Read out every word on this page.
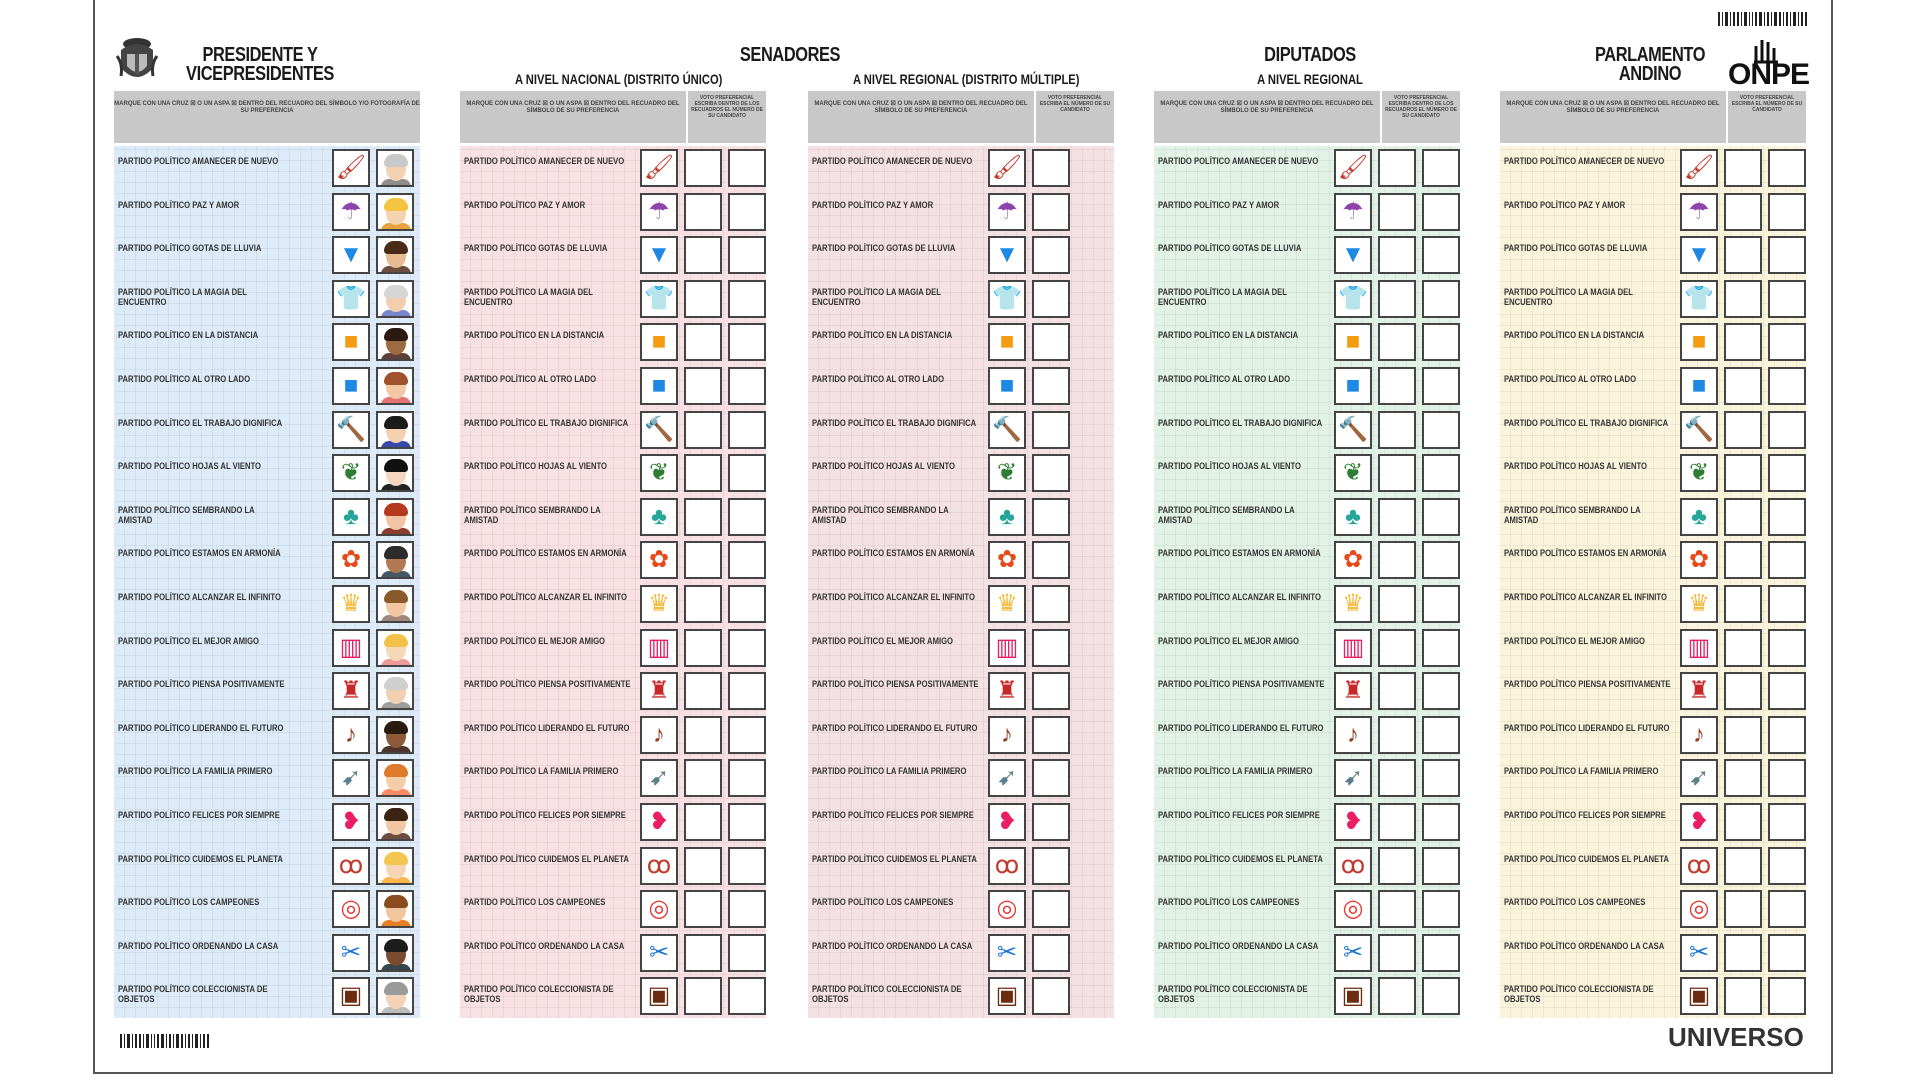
ONPE
PRESIDENTE Y
VICEPRESIDENTES
MARQUE CON UNA CRUZ ☒ O UN ASPA ☒ DENTRO DEL RECUADRO DEL SÍMBOLO Y/O FOTOGRAFÍA DE SU PREFERENCIA
PARTIDO POLÍTICO AMANECER DE NUEVO	🖌
PARTIDO POLÍTICO PAZ Y AMOR	☂
PARTIDO POLÍTICO GOTAS DE LLUVIA	▼
PARTIDO POLÍTICO LA MAGIA DEL ENCUENTRO	👕
PARTIDO POLÍTICO EN LA DISTANCIA	■
PARTIDO POLÍTICO AL OTRO LADO	■
PARTIDO POLÍTICO EL TRABAJO DIGNIFICA 🔨
PARTIDO POLÍTICO HOJAS AL VIENTO	❦
PARTIDO POLÍTICO SEMBRANDO LA AMISTAD	♣
PARTIDO POLÍTICO ESTAMOS EN ARMONÍA	✿
PARTIDO POLÍTICO ALCANZAR EL INFINITO ♛
PARTIDO POLÍTICO EL MEJOR AMIGO	▥
PARTIDO POLÍTICO PIENSA POSITIVAMENTE ♜
PARTIDO POLÍTICO LIDERANDO EL FUTURO	♪
PARTIDO POLÍTICO LA FAMILIA PRIMERO	➹
PARTIDO POLÍTICO FELICES POR SIEMPRE	❥
PARTIDO POLÍTICO CUIDEMOS EL PLANETA ꝏ
PARTIDO POLÍTICO LOS CAMPEONES	◎
PARTIDO POLÍTICO ORDENANDO LA CASA	✂
PARTIDO POLÍTICO COLECCIONISTA DE OBJETOS	▣
SENADORES
A NIVEL NACIONAL (DISTRITO ÚNICO)
MARQUE CON UNA CRUZ ☒ O UN ASPA ☒ DENTRO DEL RECUADRO DEL SÍMBOLO DE SU PREFERENCIA
VOTO PREFERENCIAL ESCRIBA DENTRO DE LOS RECUADROS EL NÚMERO DE SU CANDIDATO
PARTIDO POLÍTICO AMANECER DE NUEVO 🖌
PARTIDO POLÍTICO PAZ Y AMOR	☂
PARTIDO POLÍTICO GOTAS DE LLUVIA	▼
PARTIDO POLÍTICO LA MAGIA DEL ENCUENTRO	👕
PARTIDO POLÍTICO EN LA DISTANCIA	■
PARTIDO POLÍTICO AL OTRO LADO	■
PARTIDO POLÍTICO EL TRABAJO DIGNIFICA 🔨
PARTIDO POLÍTICO HOJAS AL VIENTO	❦
PARTIDO POLÍTICO SEMBRANDO LA AMISTAD	♣
PARTIDO POLÍTICO ESTAMOS EN ARMONÍA ✿
PARTIDO POLÍTICO ALCANZAR EL INFINITO ♛
PARTIDO POLÍTICO EL MEJOR AMIGO	▥
PARTIDO POLÍTICO PIENSA POSITIVAMENTE ♜
PARTIDO POLÍTICO LIDERANDO EL FUTURO ♪
PARTIDO POLÍTICO LA FAMILIA PRIMERO	➹
PARTIDO POLÍTICO FELICES POR SIEMPRE ❥
PARTIDO POLÍTICO CUIDEMOS EL PLANETA ꝏ
PARTIDO POLÍTICO LOS CAMPEONES	◎
PARTIDO POLÍTICO ORDENANDO LA CASA	✂
PARTIDO POLÍTICO COLECCIONISTA DE OBJETOS	▣
A NIVEL REGIONAL (DISTRITO MÚLTIPLE)
MARQUE CON UNA CRUZ ☒ O UN ASPA ☒ DENTRO DEL RECUADRO DEL SÍMBOLO DE SU PREFERENCIA
VOTO PREFERENCIAL ESCRIBA EL NÚMERO DE SU CANDIDATO
PARTIDO POLÍTICO AMANECER DE NUEVO 🖌
PARTIDO POLÍTICO PAZ Y AMOR	☂
PARTIDO POLÍTICO GOTAS DE LLUVIA	▼
PARTIDO POLÍTICO LA MAGIA DEL ENCUENTRO	👕
PARTIDO POLÍTICO EN LA DISTANCIA	■
PARTIDO POLÍTICO AL OTRO LADO	■
PARTIDO POLÍTICO EL TRABAJO DIGNIFICA 🔨
PARTIDO POLÍTICO HOJAS AL VIENTO	❦
PARTIDO POLÍTICO SEMBRANDO LA AMISTAD	♣
PARTIDO POLÍTICO ESTAMOS EN ARMONÍA ✿
PARTIDO POLÍTICO ALCANZAR EL INFINITO ♛
PARTIDO POLÍTICO EL MEJOR AMIGO	▥
PARTIDO POLÍTICO PIENSA POSITIVAMENTE ♜
PARTIDO POLÍTICO LIDERANDO EL FUTURO ♪
PARTIDO POLÍTICO LA FAMILIA PRIMERO	➹
PARTIDO POLÍTICO FELICES POR SIEMPRE ❥
PARTIDO POLÍTICO CUIDEMOS EL PLANETA ꝏ
PARTIDO POLÍTICO LOS CAMPEONES	◎
PARTIDO POLÍTICO ORDENANDO LA CASA	✂
PARTIDO POLÍTICO COLECCIONISTA DE OBJETOS	▣
DIPUTADOS
A NIVEL REGIONAL
MARQUE CON UNA CRUZ ☒ O UN ASPA ☒ DENTRO DEL RECUADRO DEL SÍMBOLO DE SU PREFERENCIA
VOTO PREFERENCIAL ESCRIBA DENTRO DE LOS RECUADROS EL NÚMERO DE SU CANDIDATO
PARTIDO POLÍTICO AMANECER DE NUEVO 🖌
PARTIDO POLÍTICO PAZ Y AMOR	☂
PARTIDO POLÍTICO GOTAS DE LLUVIA	▼
PARTIDO POLÍTICO LA MAGIA DEL ENCUENTRO	👕
PARTIDO POLÍTICO EN LA DISTANCIA	■
PARTIDO POLÍTICO AL OTRO LADO	■
PARTIDO POLÍTICO EL TRABAJO DIGNIFICA 🔨
PARTIDO POLÍTICO HOJAS AL VIENTO	❦
PARTIDO POLÍTICO SEMBRANDO LA AMISTAD	♣
PARTIDO POLÍTICO ESTAMOS EN ARMONÍA ✿
PARTIDO POLÍTICO ALCANZAR EL INFINITO ♛
PARTIDO POLÍTICO EL MEJOR AMIGO	▥
PARTIDO POLÍTICO PIENSA POSITIVAMENTE ♜
PARTIDO POLÍTICO LIDERANDO EL FUTURO ♪
PARTIDO POLÍTICO LA FAMILIA PRIMERO	➹
PARTIDO POLÍTICO FELICES POR SIEMPRE ❥
PARTIDO POLÍTICO CUIDEMOS EL PLANETA ꝏ
PARTIDO POLÍTICO LOS CAMPEONES	◎
PARTIDO POLÍTICO ORDENANDO LA CASA	✂
PARTIDO POLÍTICO COLECCIONISTA DE OBJETOS	▣
PARLAMENTO
ANDINO
MARQUE CON UNA CRUZ ☒ O UN ASPA ☒ DENTRO DEL RECUADRO DEL SÍMBOLO DE SU PREFERENCIA
VOTO PREFERENCIAL ESCRIBA EL NÚMERO DE SU CANDIDATO
PARTIDO POLÍTICO AMANECER DE NUEVO 🖌
PARTIDO POLÍTICO PAZ Y AMOR	☂
PARTIDO POLÍTICO GOTAS DE LLUVIA	▼
PARTIDO POLÍTICO LA MAGIA DEL ENCUENTRO	👕
PARTIDO POLÍTICO EN LA DISTANCIA	■
PARTIDO POLÍTICO AL OTRO LADO	■
PARTIDO POLÍTICO EL TRABAJO DIGNIFICA 🔨
PARTIDO POLÍTICO HOJAS AL VIENTO	❦
PARTIDO POLÍTICO SEMBRANDO LA AMISTAD	♣
PARTIDO POLÍTICO ESTAMOS EN ARMONÍA ✿
PARTIDO POLÍTICO ALCANZAR EL INFINITO ♛
PARTIDO POLÍTICO EL MEJOR AMIGO	▥
PARTIDO POLÍTICO PIENSA POSITIVAMENTE ♜
PARTIDO POLÍTICO LIDERANDO EL FUTURO ♪
PARTIDO POLÍTICO LA FAMILIA PRIMERO	➹
PARTIDO POLÍTICO FELICES POR SIEMPRE ❥
PARTIDO POLÍTICO CUIDEMOS EL PLANETA ꝏ
PARTIDO POLÍTICO LOS CAMPEONES	◎
PARTIDO POLÍTICO ORDENANDO LA CASA	✂
PARTIDO POLÍTICO COLECCIONISTA DE OBJETOS	▣
UNIVERSO
